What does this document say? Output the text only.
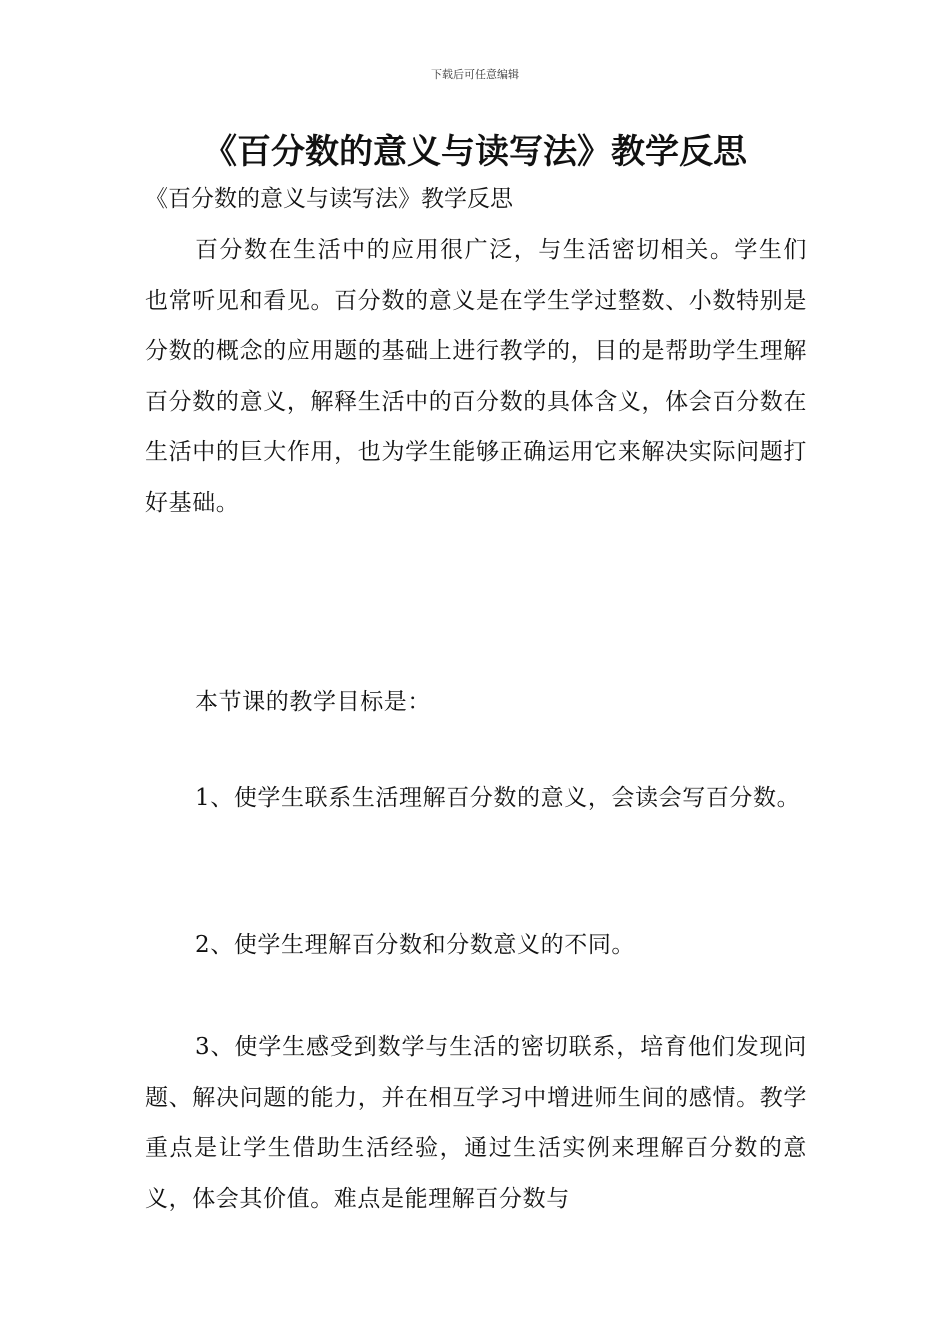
下载后可任意编辑
《百分数的意义与读写法》教学反思
《百分数的意义与读写法》教学反思

百分数在生活中的应用很广泛，与生活密切相关。学生们也常听见和看见。百分数的意义是在学生学过整数、小数特别是分数的概念的应用题的基础上进行教学的，目的是帮助学生理解百分数的意义，解释生活中的百分数的具体含义，体会百分数在生活中的巨大作用，也为学生能够正确运用它来解决实际问题打好基础。

本节课的教学目标是：

1、使学生联系生活理解百分数的意义，会读会写百分数。

2、使学生理解百分数和分数意义的不同。

3、使学生感受到数学与生活的密切联系，培育他们发现问题、解决问题的能力，并在相互学习中增进师生间的感情。教学重点是让学生借助生活经验，通过生活实例来理解百分数的意义，体会其价值。难点是能理解百分数与
